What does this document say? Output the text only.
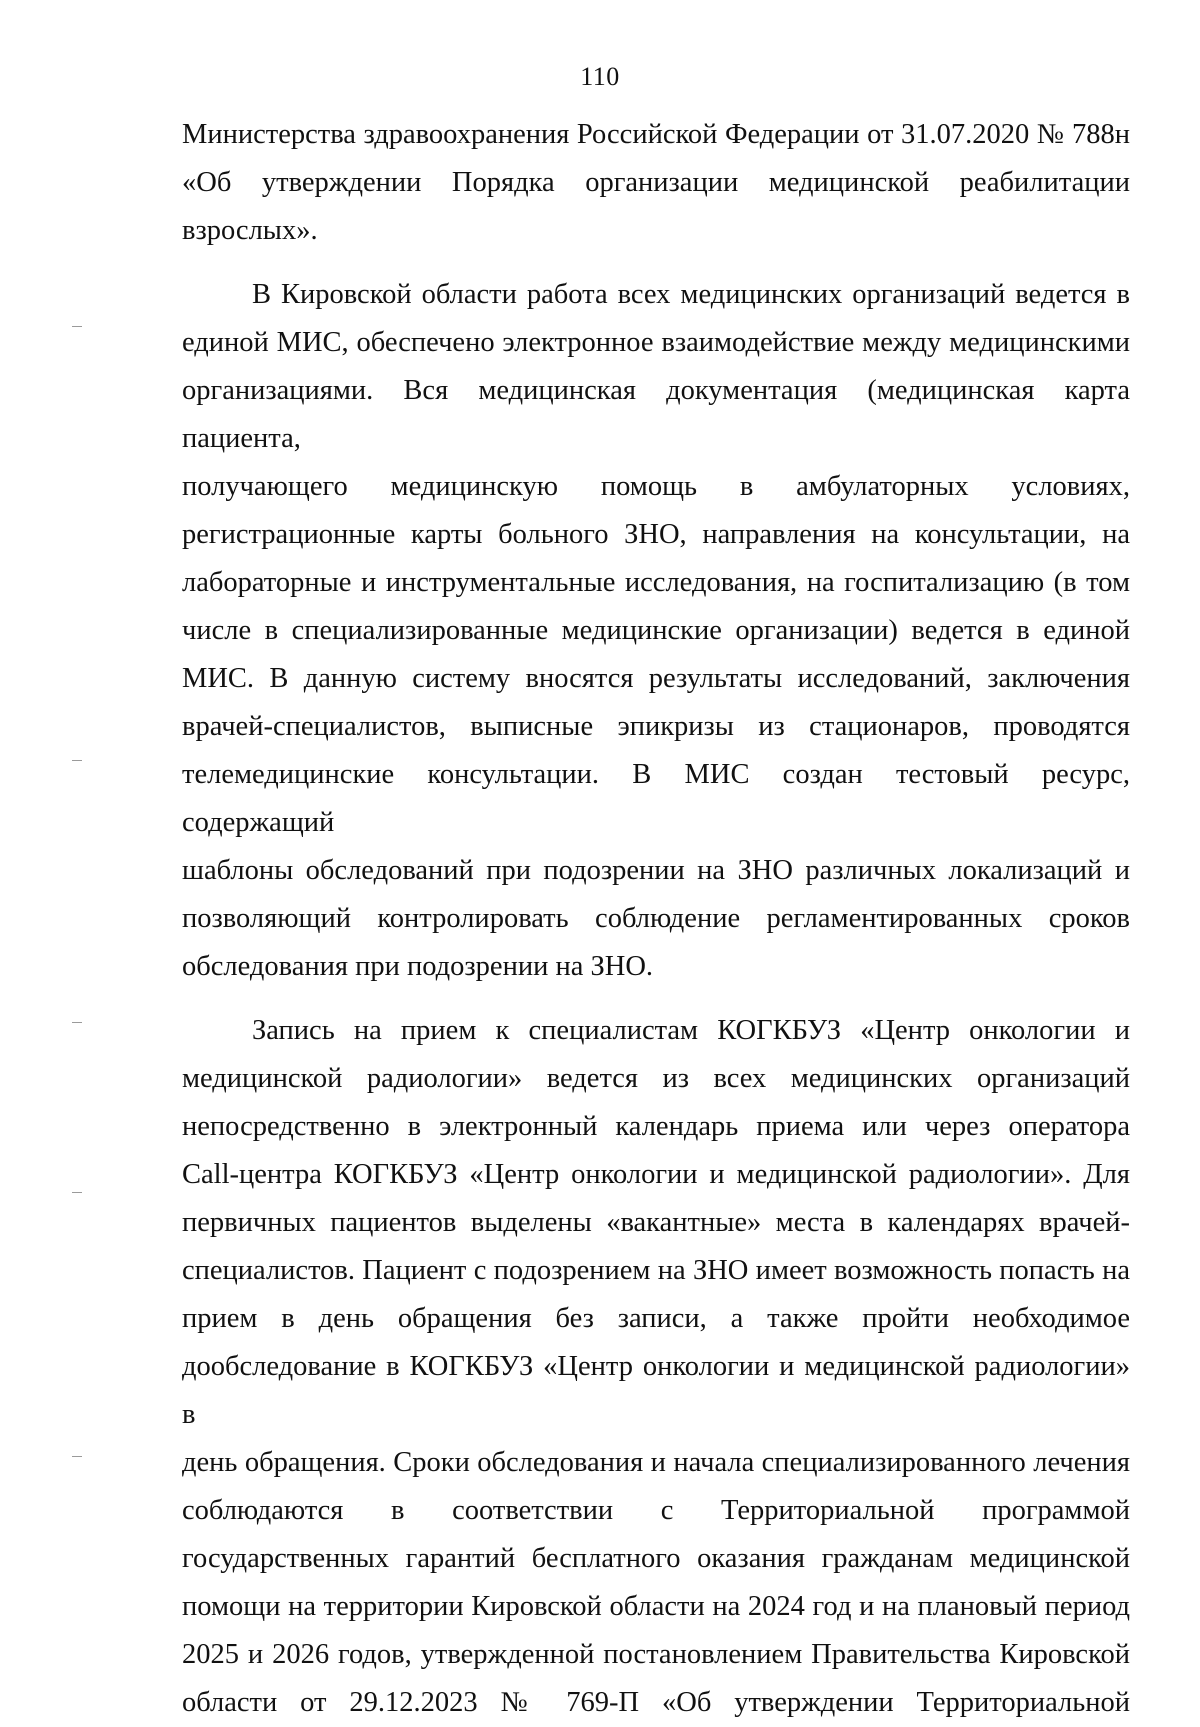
110
Министерства здравоохранения Российской Федерации от 31.07.2020 № 788н
«Об утверждении Порядка организации медицинской реабилитации
взрослых».
В Кировской области работа всех медицинских организаций ведется в
единой МИС, обеспечено электронное взаимодействие между медицинскими
организациями. Вся медицинская документация (медицинская карта пациента,
получающего медицинскую помощь в амбулаторных условиях,
регистрационные карты больного ЗНО, направления на консультации, на
лабораторные и инструментальные исследования, на госпитализацию (в том
числе в специализированные медицинские организации) ведется в единой
МИС. В данную систему вносятся результаты исследований, заключения
врачей-специалистов, выписные эпикризы из стационаров, проводятся
телемедицинские консультации. В МИС создан тестовый ресурс, содержащий
шаблоны обследований при подозрении на ЗНО различных локализаций и
позволяющий контролировать соблюдение регламентированных сроков
обследования при подозрении на ЗНО.
Запись на прием к специалистам КОГКБУЗ «Центр онкологии и
медицинской радиологии» ведется из всех медицинских организаций
непосредственно в электронный календарь приема или через оператора
Call-центра КОГКБУЗ «Центр онкологии и медицинской радиологии». Для
первичных пациентов выделены «вакантные» места в календарях врачей-
специалистов. Пациент с подозрением на ЗНО имеет возможность попасть на
прием в день обращения без записи, а также пройти необходимое
дообследование в КОГКБУЗ «Центр онкологии и медицинской радиологии» в
день обращения. Сроки обследования и начала специализированного лечения
соблюдаются в соответствии с Территориальной программой
государственных гарантий бесплатного оказания гражданам медицинской
помощи на территории Кировской области на 2024 год и на плановый период
2025 и 2026 годов, утвержденной постановлением Правительства Кировской
области от 29.12.2023 № 769-П «Об утверждении Территориальной
